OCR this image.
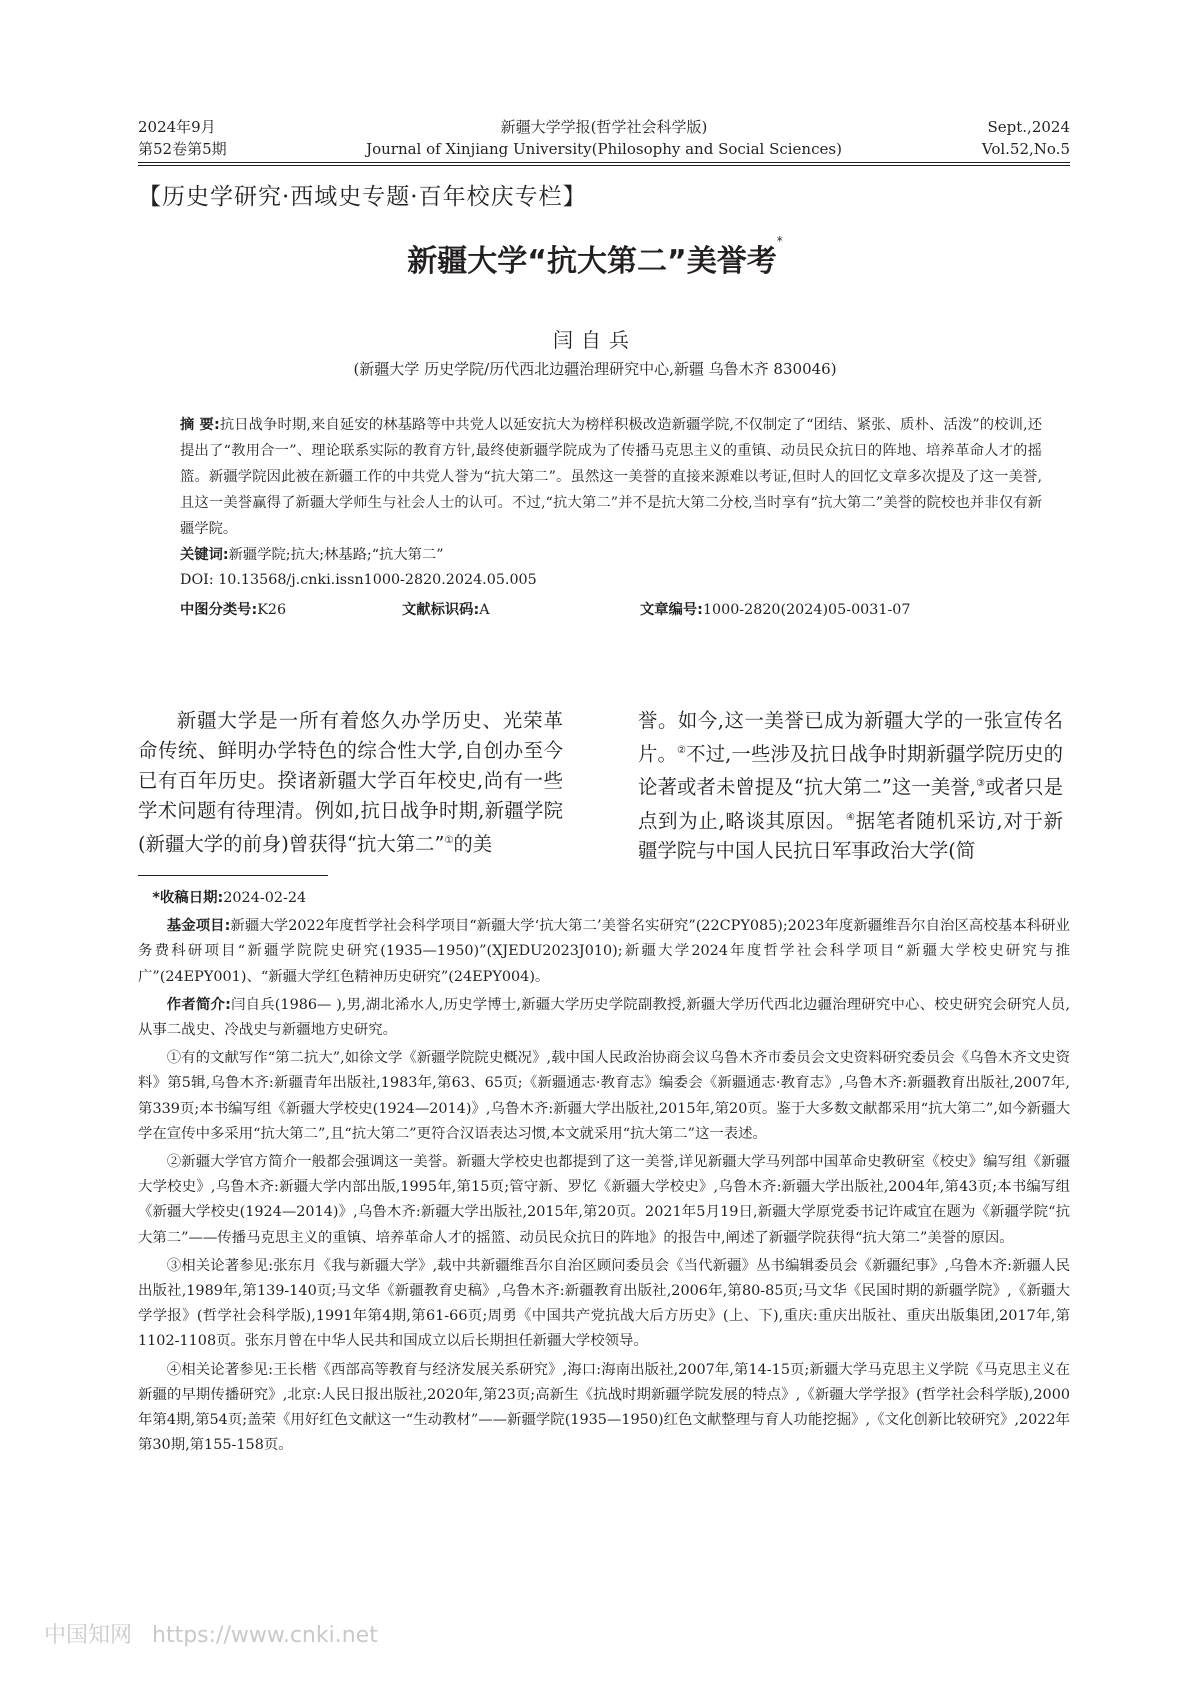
2024年9月
第52卷第5期
新疆大学学报(哲学社会科学版)
Journal of Xinjiang University(Philosophy and Social Sciences)
Sept.,2024
Vol.52,No.5
【历史学研究·西域史专题·百年校庆专栏】
新疆大学“抗大第二”美誉考*
闫自兵
(新疆大学 历史学院/历代西北边疆治理研究中心,新疆 乌鲁木齐 830046)
摘 要:抗日战争时期,来自延安的林基路等中共党人以延安抗大为榜样积极改造新疆学院,不仅制定了“团结、紧张、质朴、活泼”的校训,还提出了“教用合一”、理论联系实际的教育方针,最终使新疆学院成为了传播马克思主义的重镇、动员民众抗日的阵地、培养革命人才的摇篮。新疆学院因此被在新疆工作的中共党人誉为“抗大第二”。虽然这一美誉的直接来源难以考证,但时人的回忆文章多次提及了这一美誉,且这一美誉赢得了新疆大学师生与社会人士的认可。不过,“抗大第二”并不是抗大第二分校,当时享有“抗大第二”美誉的院校也并非仅有新疆学院。
关键词:新疆学院;抗大;林基路;“抗大第二”
DOI: 10.13568/j.cnki.issn1000-2820.2024.05.005
中图分类号:K26	文献标识码:A	文章编号:1000-2820(2024)05-0031-07
新疆大学是一所有着悠久办学历史、光荣革命传统、鲜明办学特色的综合性大学,自创办至今已有百年历史。揆诸新疆大学百年校史,尚有一些学术问题有待理清。例如,抗日战争时期,新疆学院(新疆大学的前身)曾获得“抗大第二”①的美
誉。如今,这一美誉已成为新疆大学的一张宣传名片。②不过,一些涉及抗日战争时期新疆学院历史的论著或者未曾提及“抗大第二”这一美誉,③或者只是点到为止,略谈其原因。④据笔者随机采访,对于新疆学院与中国人民抗日军事政治大学(简

*收稿日期:2024-02-24

基金项目:新疆大学2022年度哲学社会科学项目“新疆大学‘抗大第二’美誉名实研究”(22CPY085);2023年度新疆维吾尔自治区高校基本科研业务费科研项目“新疆学院院史研究(1935—1950)”(XJEDU2023J010);新疆大学2024年度哲学社会科学项目“新疆大学校史研究与推广”(24EPY001)、“新疆大学红色精神历史研究”(24EPY004)。

作者简介:闫自兵(1986— ),男,湖北浠水人,历史学博士,新疆大学历史学院副教授,新疆大学历代西北边疆治理研究中心、校史研究会研究人员,从事二战史、冷战史与新疆地方史研究。

①有的文献写作“第二抗大”,如徐文学《新疆学院院史概况》,载中国人民政治协商会议乌鲁木齐市委员会文史资料研究委员会《乌鲁木齐文史资料》第5辑,乌鲁木齐:新疆青年出版社,1983年,第63、65页;《新疆通志·教育志》编委会《新疆通志·教育志》,乌鲁木齐:新疆教育出版社,2007年,第339页;本书编写组《新疆大学校史(1924—2014)》,乌鲁木齐:新疆大学出版社,2015年,第20页。鉴于大多数文献都采用“抗大第二”,如今新疆大学在宣传中多采用“抗大第二”,且“抗大第二”更符合汉语表达习惯,本文就采用“抗大第二”这一表述。

②新疆大学官方简介一般都会强调这一美誉。新疆大学校史也都提到了这一美誉,详见新疆大学马列部中国革命史教研室《校史》编写组《新疆大学校史》,乌鲁木齐:新疆大学内部出版,1995年,第15页;管守新、罗忆《新疆大学校史》,乌鲁木齐:新疆大学出版社,2004年,第43页;本书编写组《新疆大学校史(1924—2014)》,乌鲁木齐:新疆大学出版社,2015年,第20页。2021年5月19日,新疆大学原党委书记许咸宜在题为《新疆学院“抗大第二”——传播马克思主义的重镇、培养革命人才的摇篮、动员民众抗日的阵地》的报告中,阐述了新疆学院获得“抗大第二”美誉的原因。

③相关论著参见:张东月《我与新疆大学》,载中共新疆维吾尔自治区顾问委员会《当代新疆》丛书编辑委员会《新疆纪事》,乌鲁木齐:新疆人民出版社,1989年,第139-140页;马文华《新疆教育史稿》,乌鲁木齐:新疆教育出版社,2006年,第80-85页;马文华《民国时期的新疆学院》,《新疆大学学报》(哲学社会科学版),1991年第4期,第61-66页;周勇《中国共产党抗战大后方历史》(上、下),重庆:重庆出版社、重庆出版集团,2017年,第1102-1108页。张东月曾在中华人民共和国成立以后长期担任新疆大学校领导。

④相关论著参见:王长楷《西部高等教育与经济发展关系研究》,海口:海南出版社,2007年,第14-15页;新疆大学马克思主义学院《马克思主义在新疆的早期传播研究》,北京:人民日报出版社,2020年,第23页;高新生《抗战时期新疆学院发展的特点》,《新疆大学学报》(哲学社会科学版),2000年第4期,第54页;盖荣《用好红色文献这一“生动教材”——新疆学院(1935—1950)红色文献整理与育人功能挖掘》,《文化创新比较研究》,2022年第30期,第155-158页。

中国知网 https://www.cnki.net
